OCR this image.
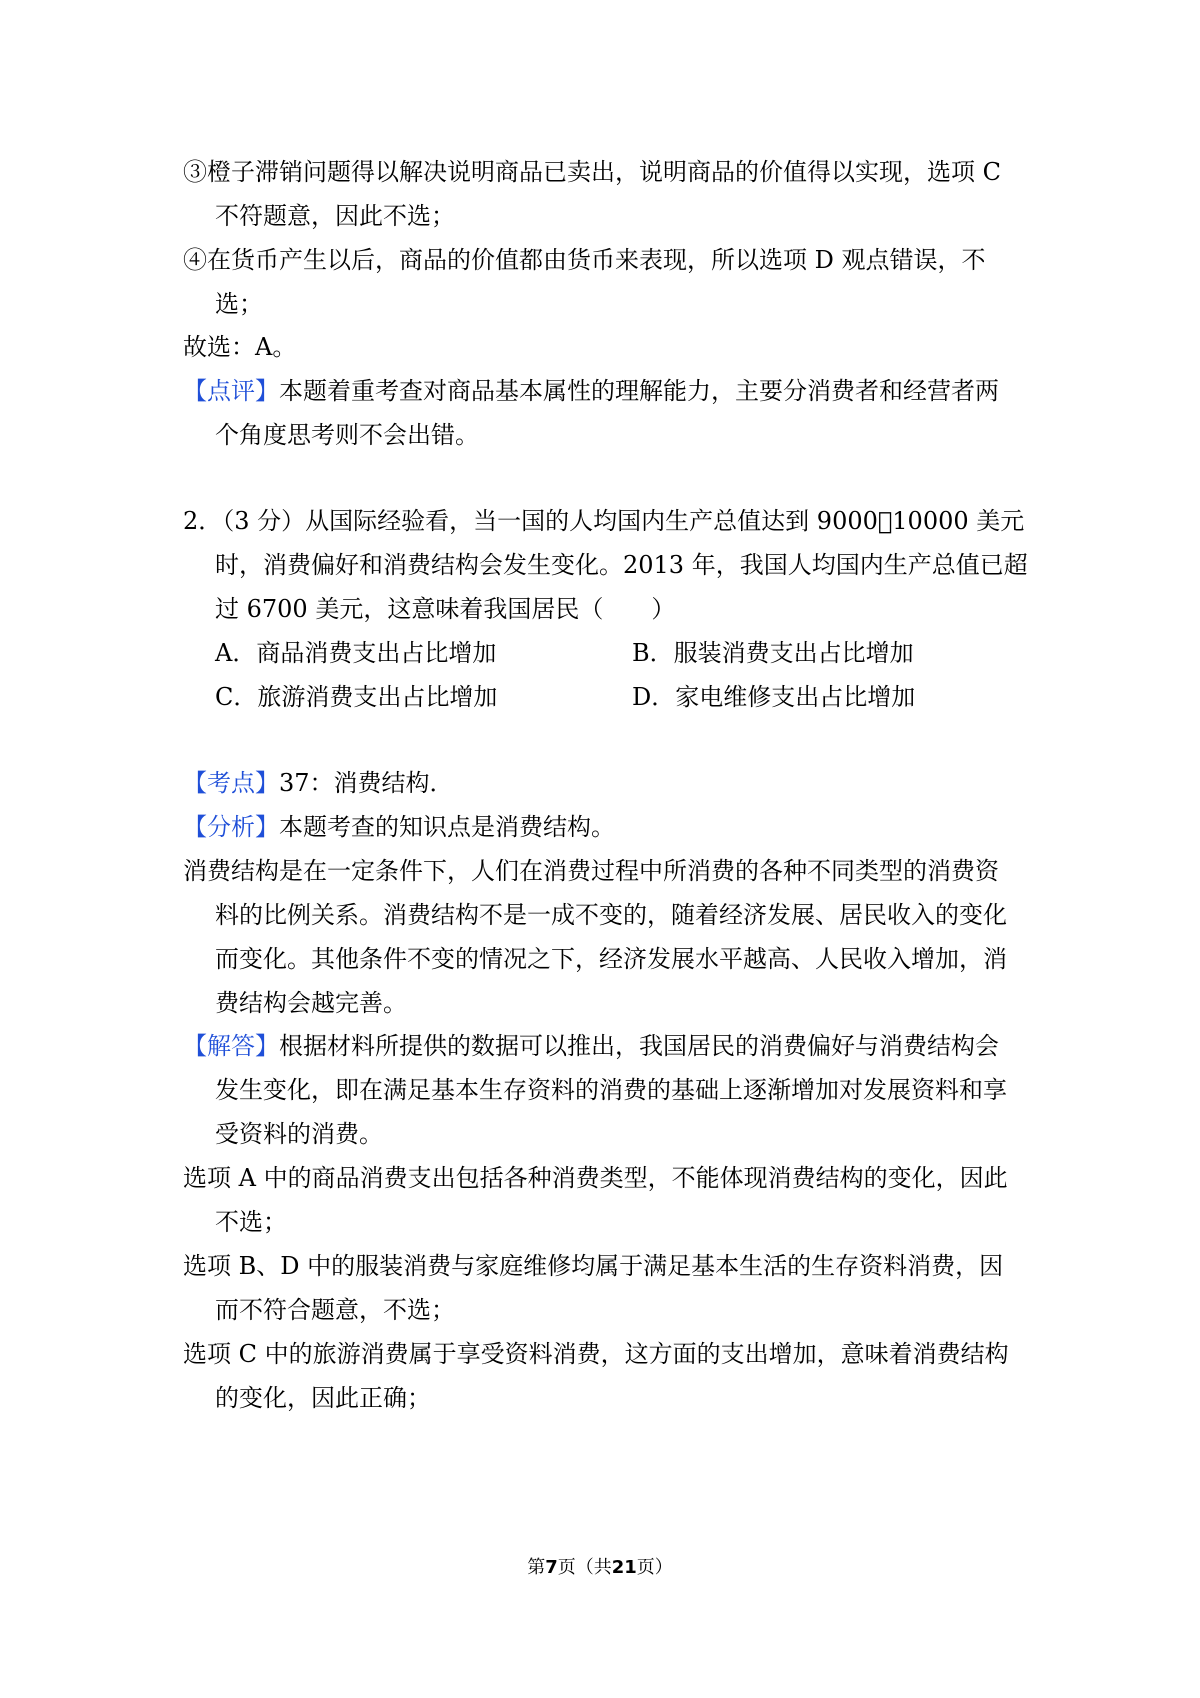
③橙子滞销问题得以解决说明商品已卖出，说明商品的价值得以实现，选项 C
不符题意，因此不选；
④在货币产生以后，商品的价值都由货币来表现，所以选项 D 观点错误，不
选；
故选：A。
【点评】本题着重考查对商品基本属性的理解能力，主要分消费者和经营者两
个角度思考则不会出错。
2．（3 分）从国际经验看，当一国的人均国内生产总值达到 9000􀀀10000 美元
时，消费偏好和消费结构会发生变化。2013 年，我国人均国内生产总值已超
过 6700 美元，这意味着我国居民（　　）
A．商品消费支出占比增加	B．服装消费支出占比增加
C．旅游消费支出占比增加	D．家电维修支出占比增加
【考点】37：消费结构．
【分析】本题考查的知识点是消费结构。
消费结构是在一定条件下，人们在消费过程中所消费的各种不同类型的消费资
料的比例关系。消费结构不是一成不变的，随着经济发展、居民收入的变化
而变化。其他条件不变的情况之下，经济发展水平越高、人民收入增加，消
费结构会越完善。
【解答】根据材料所提供的数据可以推出，我国居民的消费偏好与消费结构会
发生变化，即在满足基本生存资料的消费的基础上逐渐增加对发展资料和享
受资料的消费。
选项 A 中的商品消费支出包括各种消费类型，不能体现消费结构的变化，因此
不选；
选项 B、D 中的服装消费与家庭维修均属于满足基本生活的生存资料消费，因
而不符合题意，不选；
选项 C 中的旅游消费属于享受资料消费，这方面的支出增加，意味着消费结构
的变化，因此正确；
第7页（共21页）
